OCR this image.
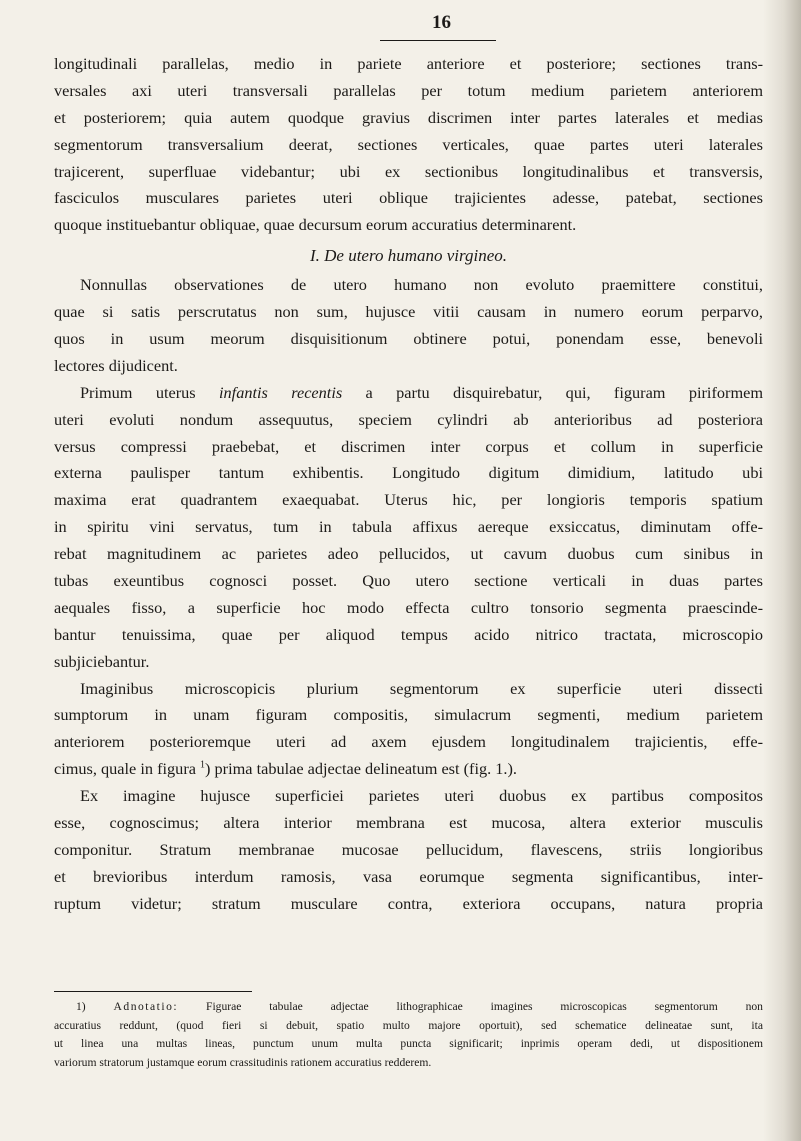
16
longitudinali parallelas, medio in pariete anteriore et posteriore; sectiones trans-
versales axi uteri transversali parallelas per totum medium parietem anteriorem
et posteriorem; quia autem quodque gravius discrimen inter partes laterales et medias
segmentorum transversalium deerat, sectiones verticales, quae partes uteri laterales
trajicerent, superfluae videbantur; ubi ex sectionibus longitudinalibus et transversis,
fasciculos musculares parietes uteri oblique trajicientes adesse, patebat, sectiones
quoque instituebantur obliquae, quae decursum eorum accuratius determinarent.
I. De utero humano virgineo.
Nonnullas observationes de utero humano non evoluto praemittere constitui,
quae si satis perscrutatus non sum, hujusce vitii causam in numero eorum perparvo,
quos in usum meorum disquisitionum obtinere potui, ponendam esse, benevoli
lectores dijudicent.
Primum uterus infantis recentis a partu disquirebatur, qui, figuram piriformem
uteri evoluti nondum assequutus, speciem cylindri ab anterioribus ad posteriora
versus compressi praebebat, et discrimen inter corpus et collum in superficie
externa paulisper tantum exhibentis. Longitudo digitum dimidium, latitudo ubi
maxima erat quadrantem exaequabat. Uterus hic, per longioris temporis spatium
in spiritu vini servatus, tum in tabula affixus aereque exsiccatus, diminutam offe-
rebat magnitudinem ac parietes adeo pellucidos, ut cavum duobus cum sinibus in
tubas exeuntibus cognosci posset. Quo utero sectione verticali in duas partes
aequales fisso, a superficie hoc modo effecta cultro tonsorio segmenta praescinde-
bantur tenuissima, quae per aliquod tempus acido nitrico tractata, microscopio
subjiciebantur.
Imaginibus microscopicis plurium segmentorum ex superficie uteri dissecti
sumptorum in unam figuram compositis, simulacrum segmenti, medium parietem
anteriorem posterioremque uteri ad axem ejusdem longitudinalem trajicientis, effe-
cimus, quale in figura $^1$) prima tabulae adjectae delineatum est (fig. 1.).
Ex imagine hujusce superficiei parietes uteri duobus ex partibus compositos
esse, cognoscimus; altera interior membrana est mucosa, altera exterior musculis
componitur. Stratum membranae mucosae pellucidum, flavescens, striis longioribus
et brevioribus interdum ramosis, vasa eorumque segmenta significantibus, inter-
ruptum videtur; stratum musculare contra, exteriora occupans, natura propria
1) Adnotatio: Figurae tabulae adjectae lithographicae imagines microscopicas segmentorum non
accuratius reddunt, (quod fieri si debuit, spatio multo majore oportuit), sed schematice delineatae sunt, ita
ut linea una multas lineas, punctum unum multa puncta significarit; inprimis operam dedi, ut dispositionem
variorum stratorum justamque eorum crassitudinis rationem accuratius redderem.
